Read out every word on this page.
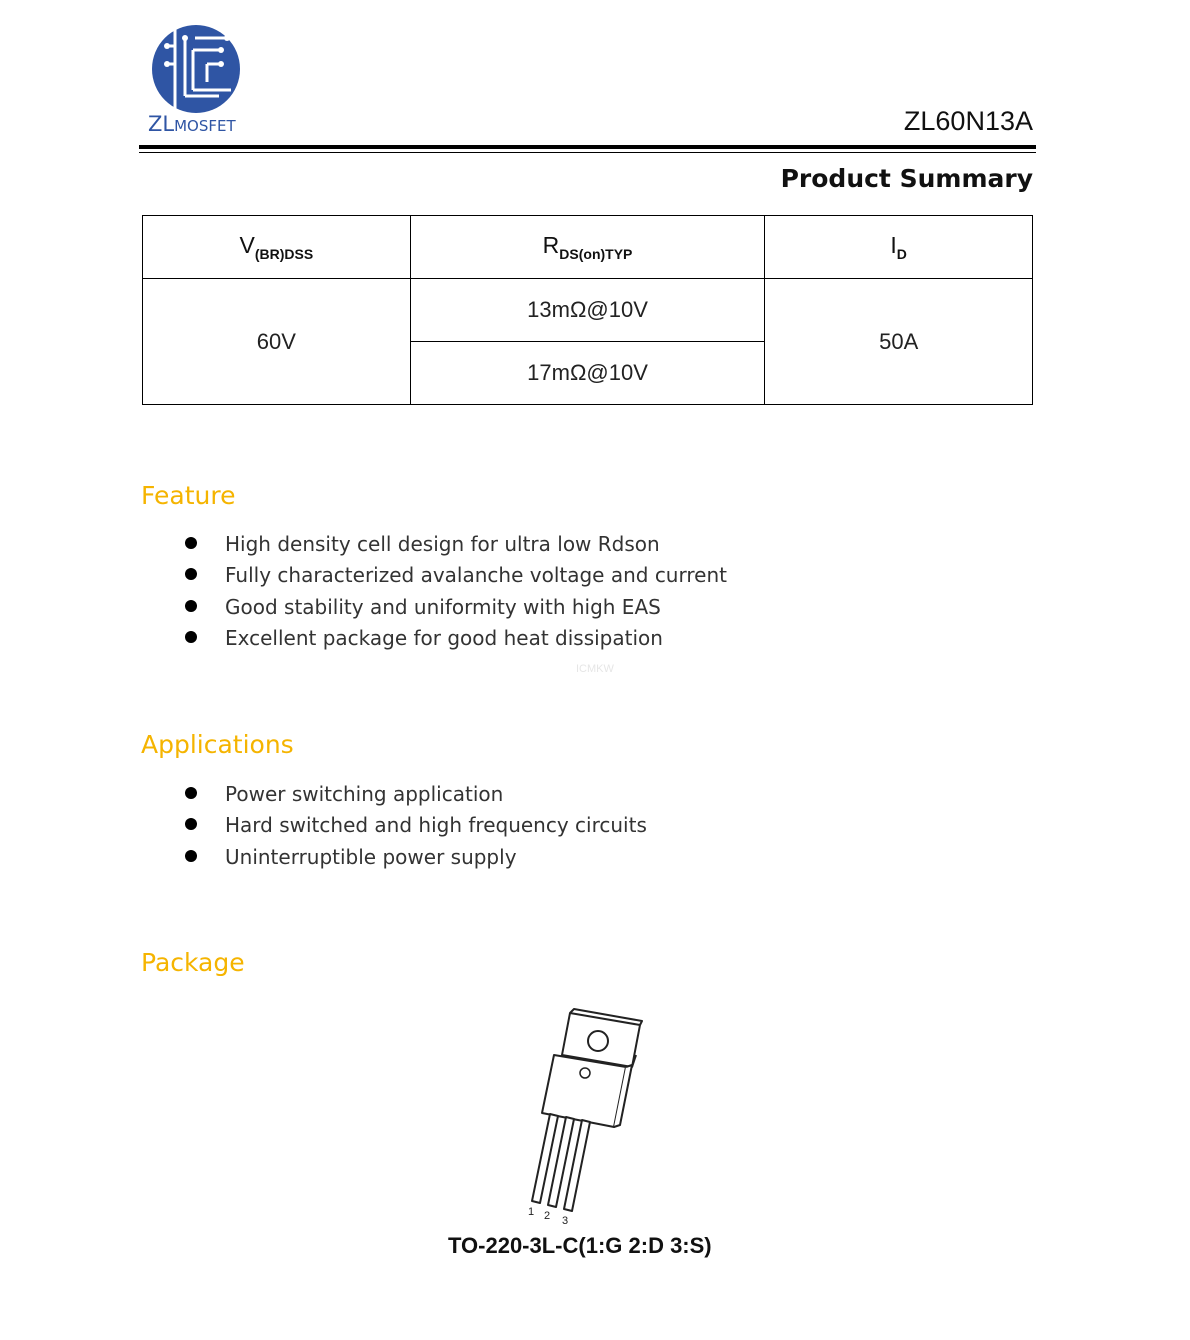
ZLMOSFET	ZL60N13A
Product Summary
$V_{(BR)DSS}$	$R_{DS(on)TYP}$	$I_D$
60V	13mΩ@10V	50A
	17mΩ@10V	
Feature
High density cell design for ultra low Rdson
Fully characterized avalanche voltage and current
Good stability and uniformity with high EAS
Excellent package for good heat dissipation
ICMKW
Applications
Power switching application
Hard switched and high frequency circuits
Uninterruptible power supply
Package
1 2 3
TO-220-3L-C(1:G 2:D 3:S)
